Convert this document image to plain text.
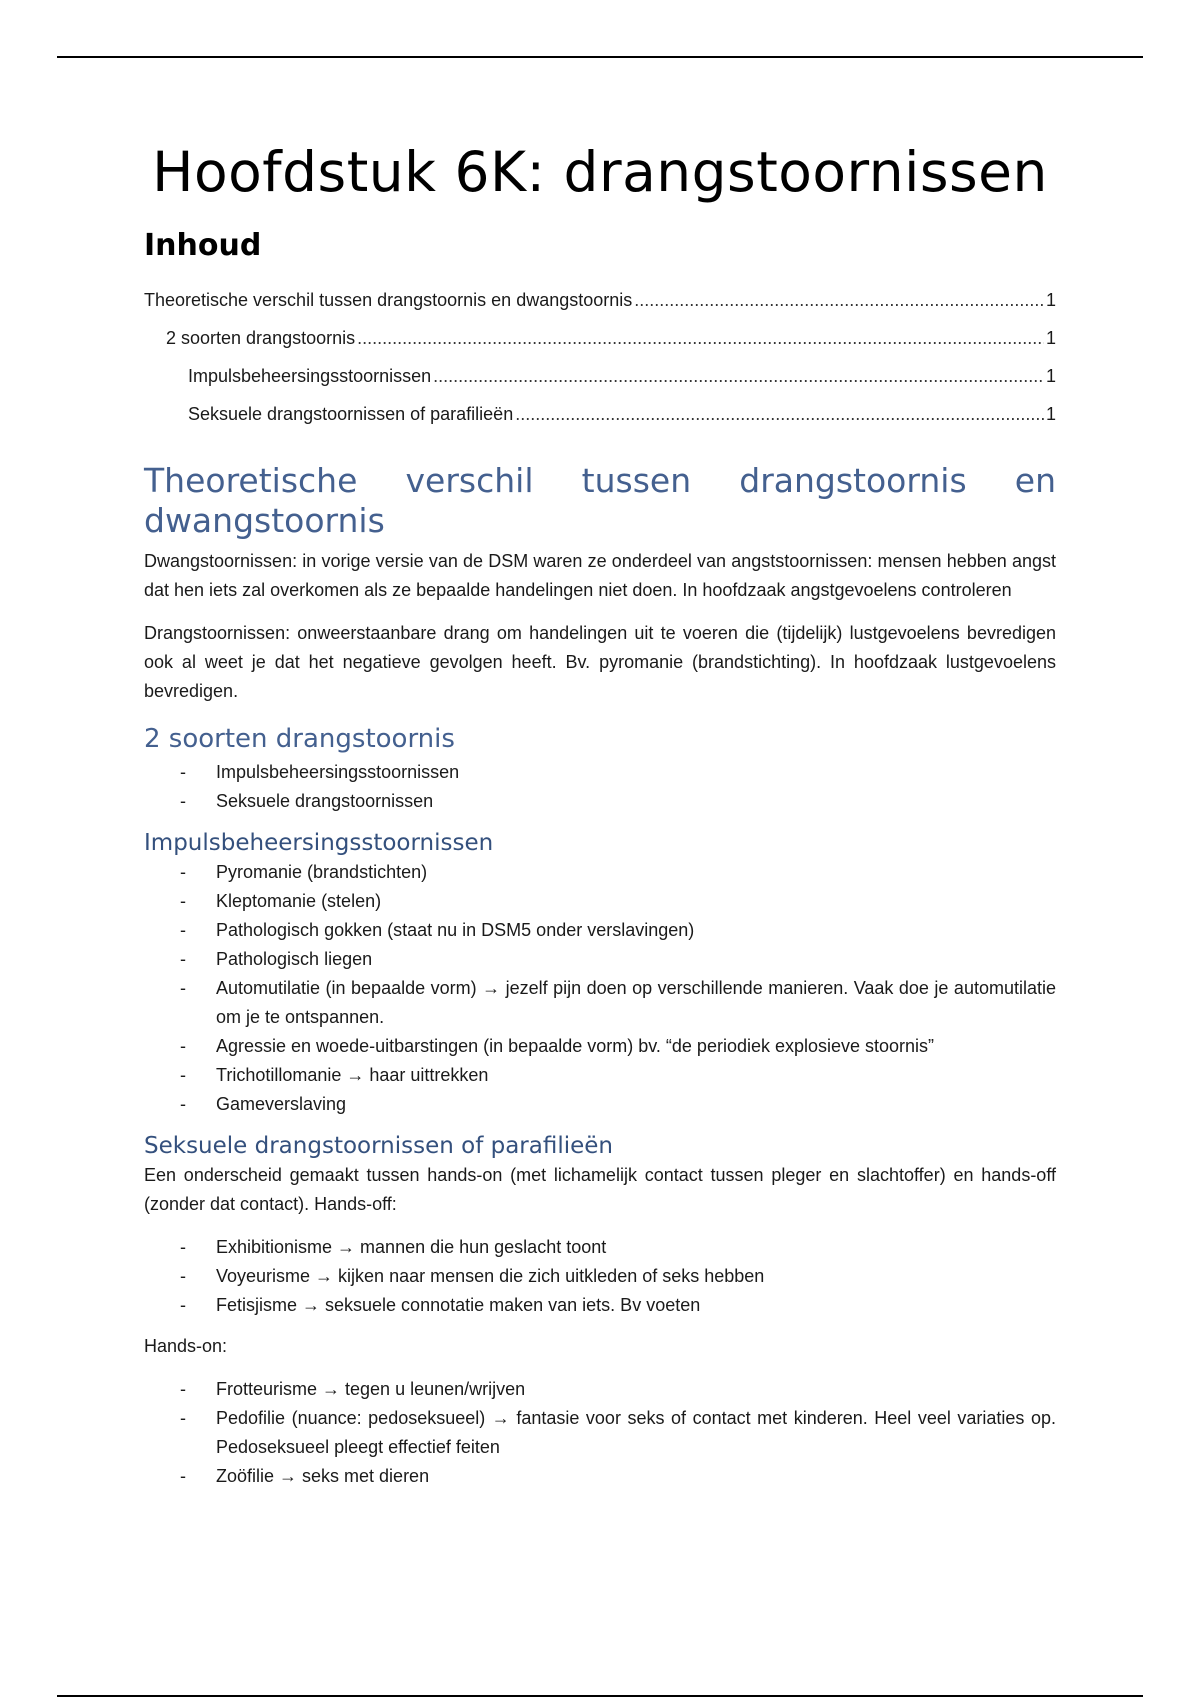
Hoofdstuk 6K: drangstoornissen
Inhoud
Theoretische verschil tussen drangstoornis en dwangstoornis .....	1
2 soorten drangstoornis .....	1
Impulsbeheersingsstoornissen .....	1
Seksuele drangstoornissen of parafilieën .....	1
Theoretische verschil tussen drangstoornis en
dwangstoornis

Dwangstoornissen: in vorige versie van de DSM waren ze onderdeel van angststoornissen: mensen hebben angst dat hen iets zal overkomen als ze bepaalde handelingen niet doen. In hoofdzaak angstgevoelens controleren

Drangstoornissen: onweerstaanbare drang om handelingen uit te voeren die (tijdelijk) lustgevoelens bevredigen ook al weet je dat het negatieve gevolgen heeft. Bv. pyromanie (brandstichting). In hoofdzaak lustgevoelens bevredigen.

2 soorten drangstoornis
- Impulsbeheersingsstoornissen
- Seksuele drangstoornissen
Impulsbeheersingsstoornissen
- Pyromanie (brandstichten)
- Kleptomanie (stelen)
- Pathologisch gokken (staat nu in DSM5 onder verslavingen)
- Pathologisch liegen
- Automutilatie (in bepaalde vorm) → jezelf pijn doen op verschillende manieren. Vaak doe je automutilatie om je te ontspannen.
- Agressie en woede-uitbarstingen (in bepaalde vorm) bv. “de periodiek explosieve stoornis”
- Trichotillomanie → haar uittrekken
- Gameverslaving
Seksuele drangstoornissen of parafilieën

Een onderscheid gemaakt tussen hands-on (met lichamelijk contact tussen pleger en slachtoffer) en hands-off (zonder dat contact). Hands-off:

- Exhibitionisme → mannen die hun geslacht toont
- Voyeurisme → kijken naar mensen die zich uitkleden of seks hebben
- Fetisjisme → seksuele connotatie maken van iets. Bv voeten

Hands-on:

- Frotteurisme → tegen u leunen/wrijven
- Pedofilie (nuance: pedoseksueel) → fantasie voor seks of contact met kinderen. Heel veel variaties op. Pedoseksueel pleegt effectief feiten
- Zoöfilie → seks met dieren
